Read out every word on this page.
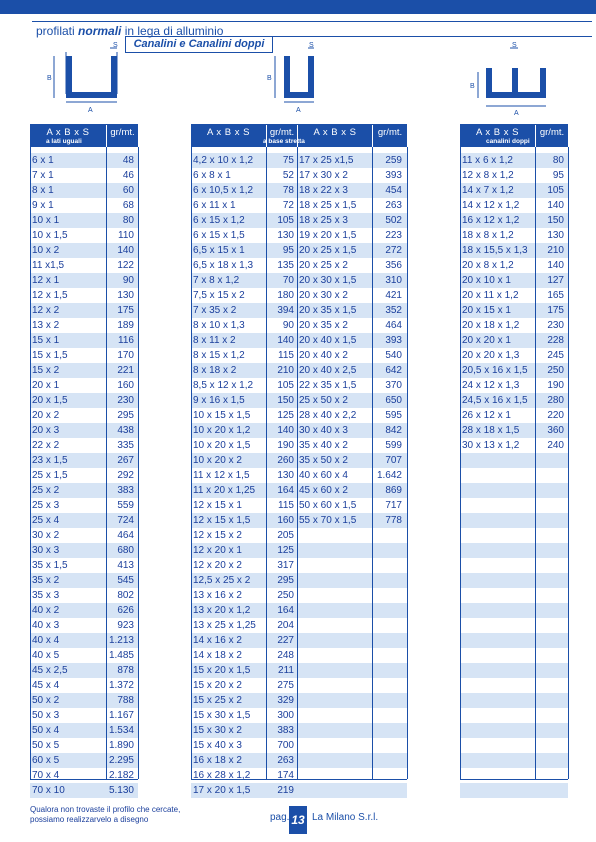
profilati normali in lega di alluminio
Canalini e Canalini doppi
S
B
A
S
B
A
S
B
A
A x B x S	gr/mt.
a lati uguali
6 x 1	48
7 x 1	46
8 x 1	60
9 x 1	68
10 x 1	80
10 x 1,5	110
10 x 2	140
11 x1,5	122
12 x 1	90
12 x 1,5	130
12 x 2	175
13 x 2	189
15 x 1	116
15 x 1,5	170
15 x 2	221
20 x 1	160
20 x 1,5	230
20 x 2	295
20 x 3	438
22 x 2	335
23 x 1,5	267
25 x 1,5	292
25 x 2	383
25 x 3	559
25 x 4	724
30 x 2	464
30 x 3	680
35 x 1,5	413
35 x 2	545
35 x 3	802
40 x 2	626
40 x 3	923
40 x 4	1.213
40 x 5	1.485
45 x 2,5	878
45 x 4	1.372
50 x 2	788
50 x 3	1.167
50 x 4	1.534
50 x 5	1.890
60 x 5	2.295
70 x 4	2.182
70 x 10	5.130
A x B x S	gr/mt.	A x B x S	gr/mt.
a base stretta
4,2 x 10 x 1,2	75 17 x 25 x1,5	259
6 x 8 x 1	52 17 x 30 x 2	393
6 x 10,5 x 1,2	78 18 x 22 x 3	454
6 x 11 x 1	72 18 x 25 x 1,5	263
6 x 15 x 1,2	105 18 x 25 x 3	502
6 x 15 x 1,5	130 19 x 20 x 1,5	223
6,5 x 15 x 1	95 20 x 25 x 1,5	272
6,5 x 18 x 1,3	135 20 x 25 x 2	356
7 x 8 x 1,2	70 20 x 30 x 1,5	310
7,5 x 15 x 2	180 20 x 30 x 2	421
7 x 35 x 2	394 20 x 35 x 1,5	352
8 x 10 x 1,3	90 20 x 35 x 2	464
8 x 11 x 2	140 20 x 40 x 1,5	393
8 x 15 x 1,2	115 20 x 40 x 2	540
8 x 18 x 2	210 20 x 40 x 2,5	642
8,5 x 12 x 1,2	105 22 x 35 x 1,5	370
9 x 16 x 1,5	150 25 x 50 x 2	650
10 x 15 x 1,5	125 28 x 40 x 2,2	595
10 x 20 x 1,2	140 30 x 40 x 3	842
10 x 20 x 1,5	190 35 x 40 x 2	599
10 x 20 x 2	260 35 x 50 x 2	707
11 x 12 x 1,5	130 40 x 60 x 4	1.642
11 x 20 x 1,25	164 45 x 60 x 2	869
12 x 15 x 1	115 50 x 60 x 1,5	717
12 x 15 x 1,5	160 55 x 70 x 1,5	778
12 x 15 x 2	205
12 x 20 x 1	125
12 x 20 x 2	317
12,5 x 25 x 2	295
13 x 16 x 2	250
13 x 20 x 1,2	164
13 x 25 x 1,25	204
14 x 16 x 2	227
14 x 18 x 2	248
15 x 20 x 1,5	211
15 x 20 x 2	275
15 x 25 x 2	329
15 x 30 x 1,5	300
15 x 30 x 2	383
15 x 40 x 3	700
16 x 18 x 2	263
16 x 28 x 1,2	174
17 x 20 x 1,5	219
A x B x S	gr/mt.
canalini doppi
11 x 6 x 1,2	80
12 x 8 x 1,2	95
14 x 7 x 1,2	105
14 x 12 x 1,2	140
16 x 12 x 1,2	150
18 x 8 x 1,2	130
18 x 15,5 x 1,3	210
20 x 8 x 1,2	140
20 x 10 x 1	127
20 x 11 x 1,2	165
20 x 15 x 1	175
20 x 18 x 1,2	230
20 x 20 x 1	228
20 x 20 x 1,3	245
20,5 x 16 x 1,5	250
24 x 12 x 1,3	190
24,5 x 16 x 1,5	280
26 x 12 x 1	220
28 x 18 x 1,5	360
30 x 13 x 1,2	240
Qualora non trovaste il profilo che cercate,
possiamo realizzarvelo a disegno	pag. 13 La Milano S.r.l.
